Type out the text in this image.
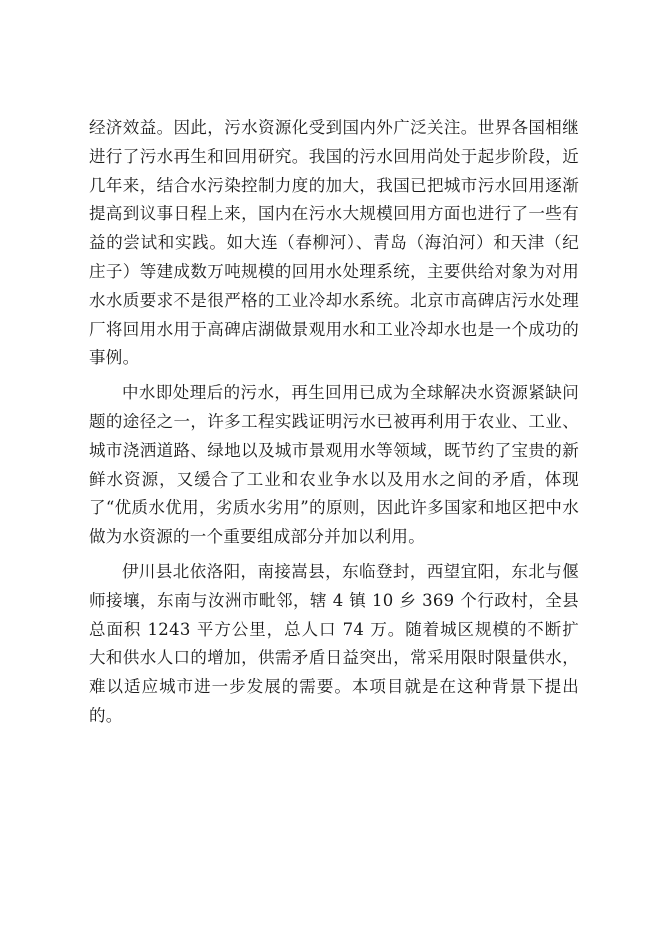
经济效益。因此，污水资源化受到国内外广泛关注。世界各国相继进行了污水再生和回用研究。我国的污水回用尚处于起步阶段，近几年来，结合水污染控制力度的加大，我国已把城市污水回用逐渐提高到议事日程上来，国内在污水大规模回用方面也进行了一些有益的尝试和实践。如大连（春柳河）、青岛（海泊河）和天津（纪庄子）等建成数万吨规模的回用水处理系统，主要供给对象为对用水水质要求不是很严格的工业冷却水系统。北京市高碑店污水处理厂将回用水用于高碑店湖做景观用水和工业冷却水也是一个成功的事例。

中水即处理后的污水，再生回用已成为全球解决水资源紧缺问题的途径之一，许多工程实践证明污水已被再利用于农业、工业、城市浇洒道路、绿地以及城市景观用水等领域，既节约了宝贵的新鲜水资源，又缓合了工业和农业争水以及用水之间的矛盾，体现了“优质水优用，劣质水劣用”的原则，因此许多国家和地区把中水做为水资源的一个重要组成部分并加以利用。

伊川县北依洛阳，南接嵩县，东临登封，西望宜阳，东北与偃师接壤，东南与汝洲市毗邻，辖 4 镇 10 乡 369 个行政村，全县总面积 1243 平方公里，总人口 74 万。随着城区规模的不断扩大和供水人口的增加，供需矛盾日益突出，常采用限时限量供水，难以适应城市进一步发展的需要。本项目就是在这种背景下提出的。
